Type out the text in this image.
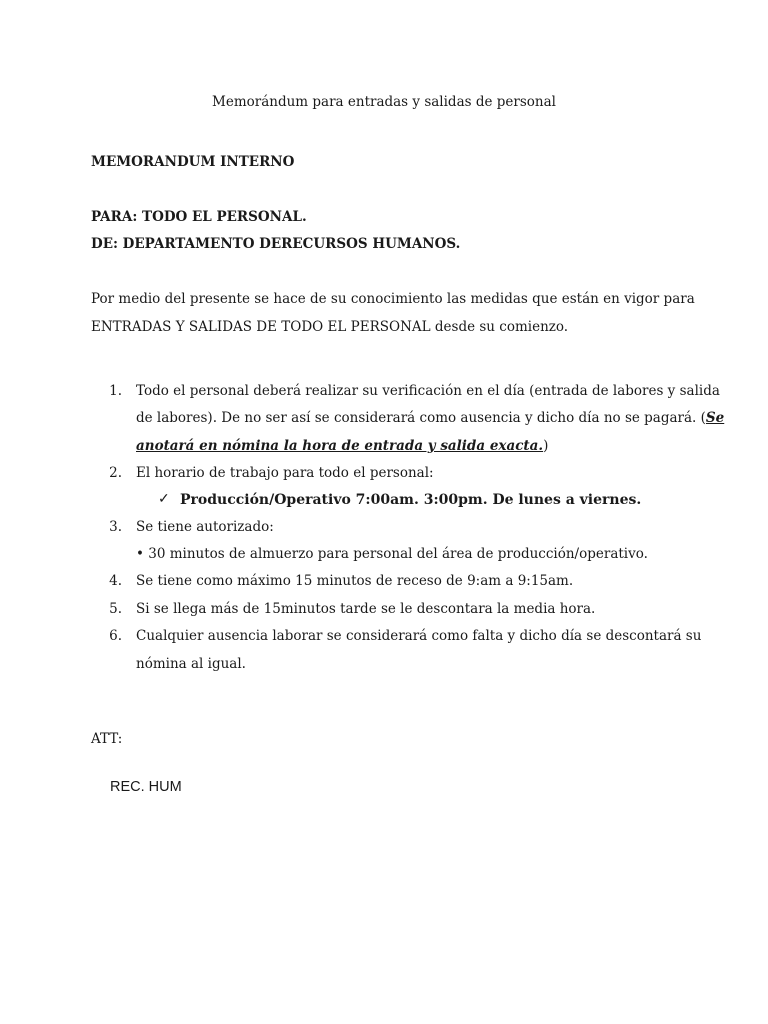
Memorándum para entradas y salidas de personal
MEMORANDUM INTERNO
PARA: TODO EL PERSONAL.
DE: DEPARTAMENTO DERECURSOS HUMANOS.
Por medio del presente se hace de su conocimiento las medidas que están en vigor para
ENTRADAS Y SALIDAS DE TODO EL PERSONAL desde su comienzo.
1. Todo el personal deberá realizar su verificación en el día (entrada de labores y salida
de labores). De no ser así se considerará como ausencia y dicho día no se pagará. (Se
anotará en nómina la hora de entrada y salida exacta.)
2. El horario de trabajo para todo el personal:
✓ Producción/Operativo 7:00am. 3:00pm. De lunes a viernes.
3. Se tiene autorizado:
• 30 minutos de almuerzo para personal del área de producción/operativo.
4. Se tiene como máximo 15 minutos de receso de 9:am a 9:15am.
5. Si se llega más de 15minutos tarde se le descontara la media hora.
6. Cualquier ausencia laborar se considerará como falta y dicho día se descontará su
nómina al igual.
ATT:
REC. HUM
